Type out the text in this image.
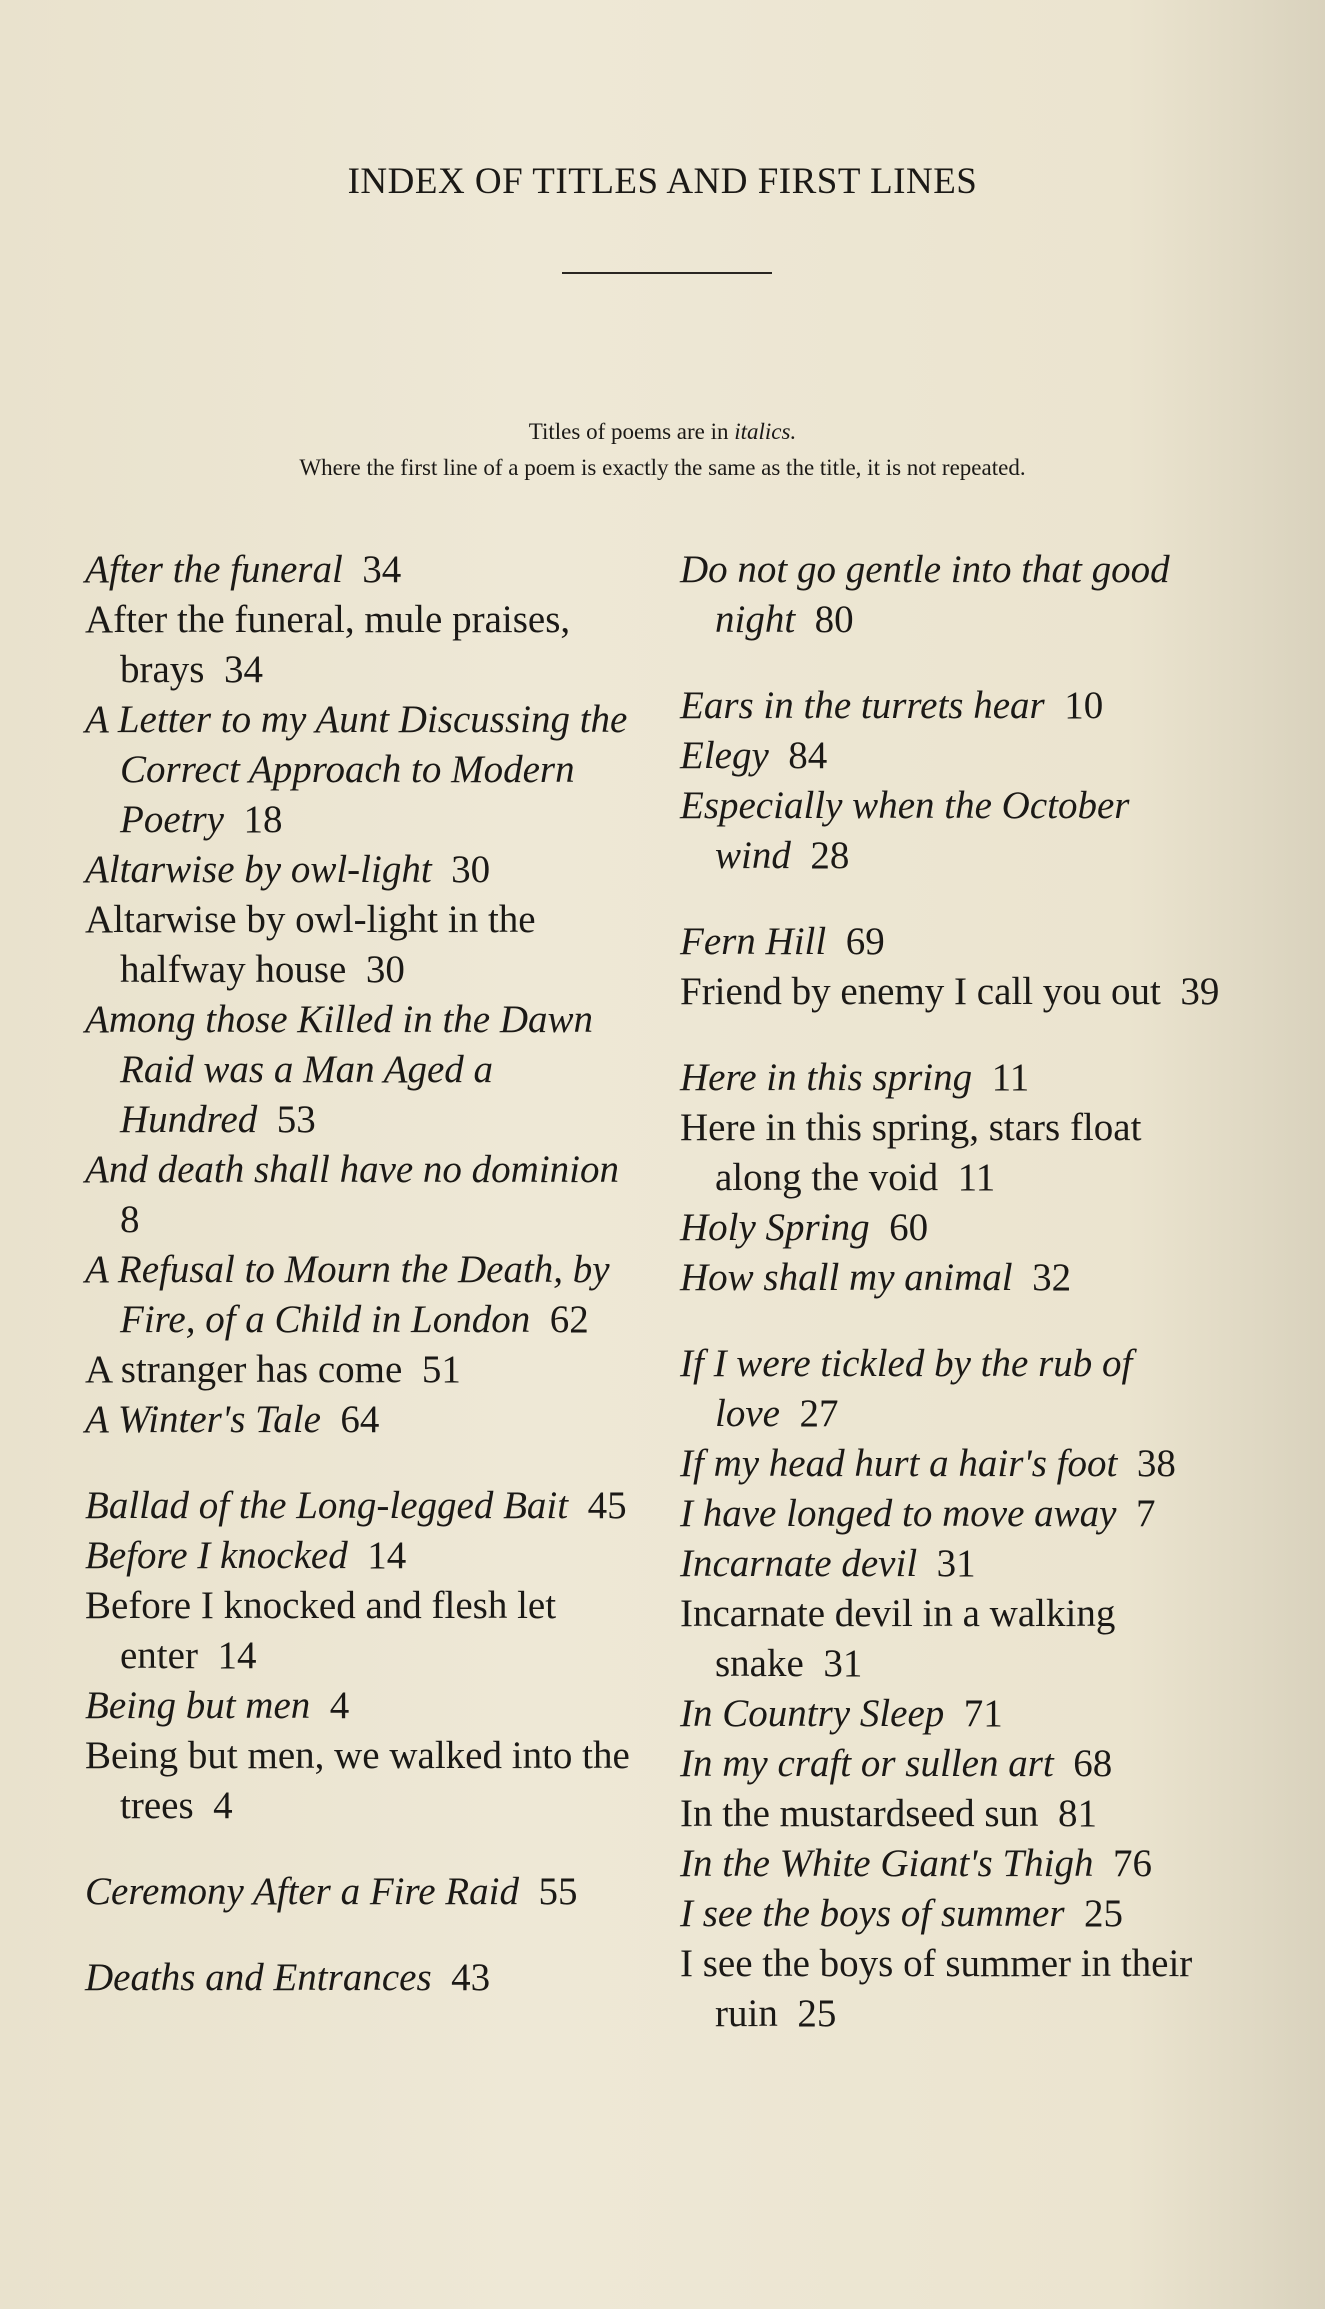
INDEX OF TITLES AND FIRST LINES
Titles of poems are in italics.
Where the first line of a poem is exactly the same as the title, it is not repeated.
After the funeral  34
After the funeral, mule praises, brays  34
A Letter to my Aunt Discussing the Correct Approach to Modern Poetry  18
Altarwise by owl-light  30
Altarwise by owl-light in the halfway house  30
Among those Killed in the Dawn Raid was a Man Aged a Hundred  53
And death shall have no dominion 8
A Refusal to Mourn the Death, by Fire, of a Child in London  62
A stranger has come  51
A Winter's Tale  64
Ballad of the Long-legged Bait  45
Before I knocked  14
Before I knocked and flesh let enter  14
Being but men  4
Being but men, we walked into the trees  4
Ceremony After a Fire Raid  55
Deaths and Entrances  43
Do not go gentle into that good night  80
Ears in the turrets hear  10
Elegy  84
Especially when the October wind  28
Fern Hill  69
Friend by enemy I call you out  39
Here in this spring  11
Here in this spring, stars float along the void  11
Holy Spring  60
How shall my animal  32
If I were tickled by the rub of love  27
If my head hurt a hair's foot  38
I have longed to move away  7
Incarnate devil  31
Incarnate devil in a walking snake  31
In Country Sleep  71
In my craft or sullen art  68
In the mustardseed sun  81
In the White Giant's Thigh  76
I see the boys of summer  25
I see the boys of summer in their ruin  25
